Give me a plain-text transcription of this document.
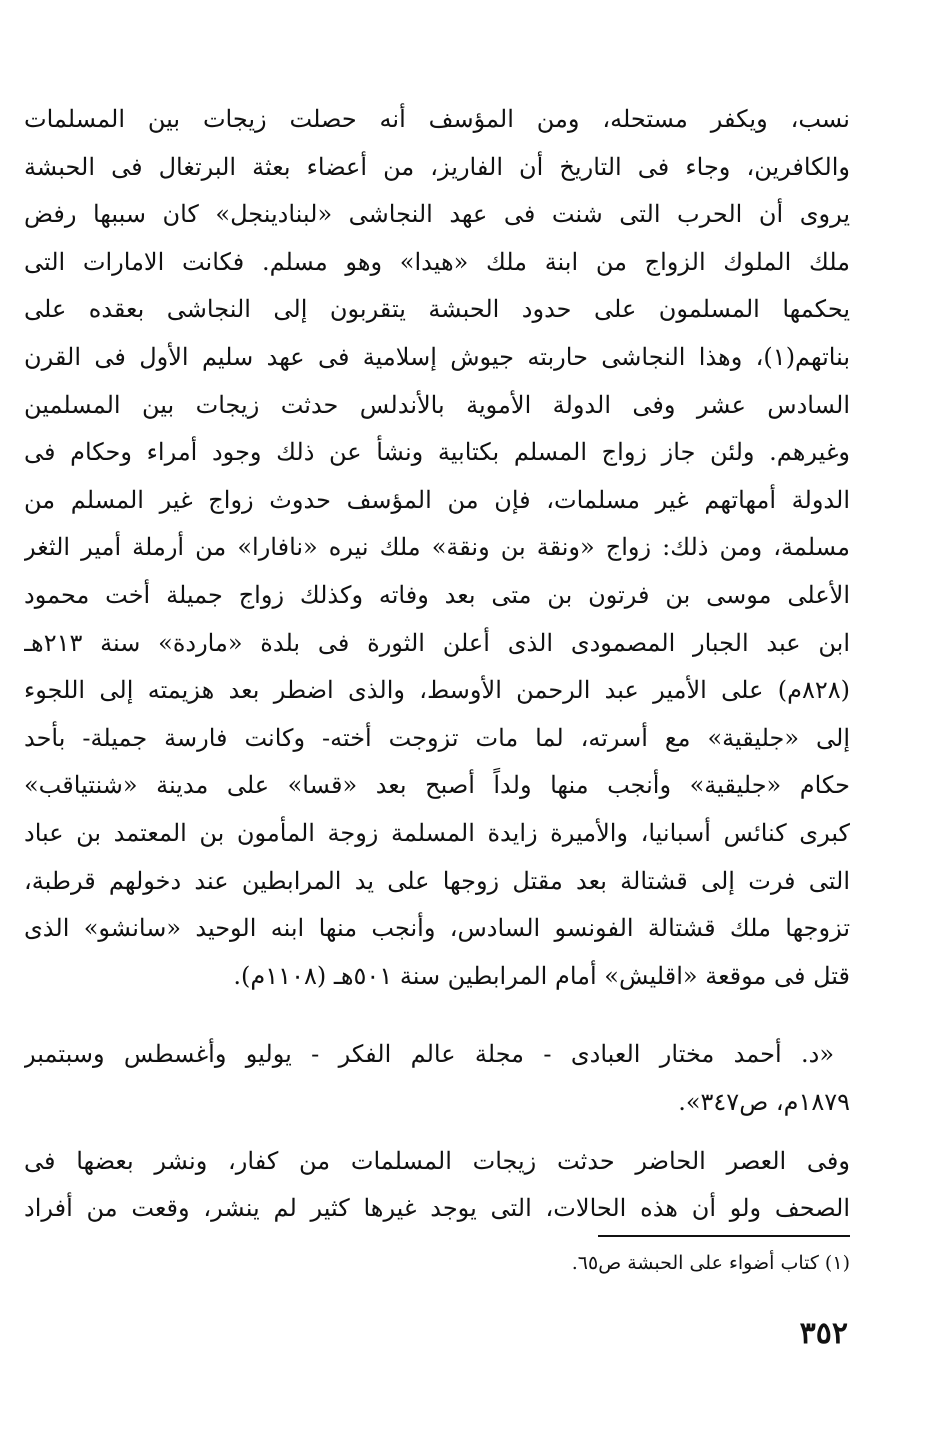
نسب، ويكفر مستحله، ومن المؤسف أنه حصلت زيجات بين المسلمات
والكافرين، وجاء فى التاريخ أن الفاريز، من أعضاء بعثة البرتغال فى الحبشة
يروى أن الحرب التى شنت فى عهد النجاشى «لبنادينجل» كان سببها رفض
ملك الملوك الزواج من ابنة ملك «هيدا» وهو مسلم. فكانت الامارات التى
يحكمها المسلمون على حدود الحبشة يتقربون إلى النجاشى بعقده على
بناتهم(١)، وهذا النجاشى حاربته جيوش إسلامية فى عهد سليم الأول فى القرن
السادس عشر وفى الدولة الأموية بالأندلس حدثت زيجات بين المسلمين
وغيرهم. ولئن جاز زواج المسلم بكتابية ونشأ عن ذلك وجود أمراء وحكام فى
الدولة أمهاتهم غير مسلمات، فإن من المؤسف حدوث زواج غير المسلم من
مسلمة، ومن ذلك: زواج «ونقة بن ونقة» ملك نيره «نافارا» من أرملة أمير الثغر
الأعلى موسى بن فرتون بن متى بعد وفاته وكذلك زواج جميلة أخت محمود
ابن عبد الجبار المصمودى الذى أعلن الثورة فى بلدة «ماردة» سنة ٢١٣هـ
(٨٢٨م) على الأمير عبد الرحمن الأوسط، والذى اضطر بعد هزيمته إلى اللجوء
إلى «جليقية» مع أسرته، لما مات تزوجت أخته- وكانت فارسة جميلة- بأحد
حكام «جليقية» وأنجب منها ولداً أصبح بعد «قسا» على مدينة «شنتياقب»
كبرى كنائس أسبانيا، والأميرة زايدة المسلمة زوجة المأمون بن المعتمد بن عباد
التى فرت إلى قشتالة بعد مقتل زوجها على يد المرابطين عند دخولهم قرطبة،
تزوجها ملك قشتالة الفونسو السادس، وأنجب منها ابنه الوحيد «سانشو» الذى
قتل فى موقعة «اقليش» أمام المرابطين سنة ٥٠١هـ (١١٠٨م).
«د. أحمد مختار العبادى - مجلة عالم الفكر - يوليو وأغسطس وسبتمبر
١٨٧٩م، ص٣٤٧».
وفى العصر الحاضر حدثت زيجات المسلمات من كفار، ونشر بعضها فى
الصحف ولو أن هذه الحالات، التى يوجد غيرها كثير لم ينشر، وقعت من أفراد
(١) كتاب أضواء على الحبشة ص٦٥.
٣٥٢
